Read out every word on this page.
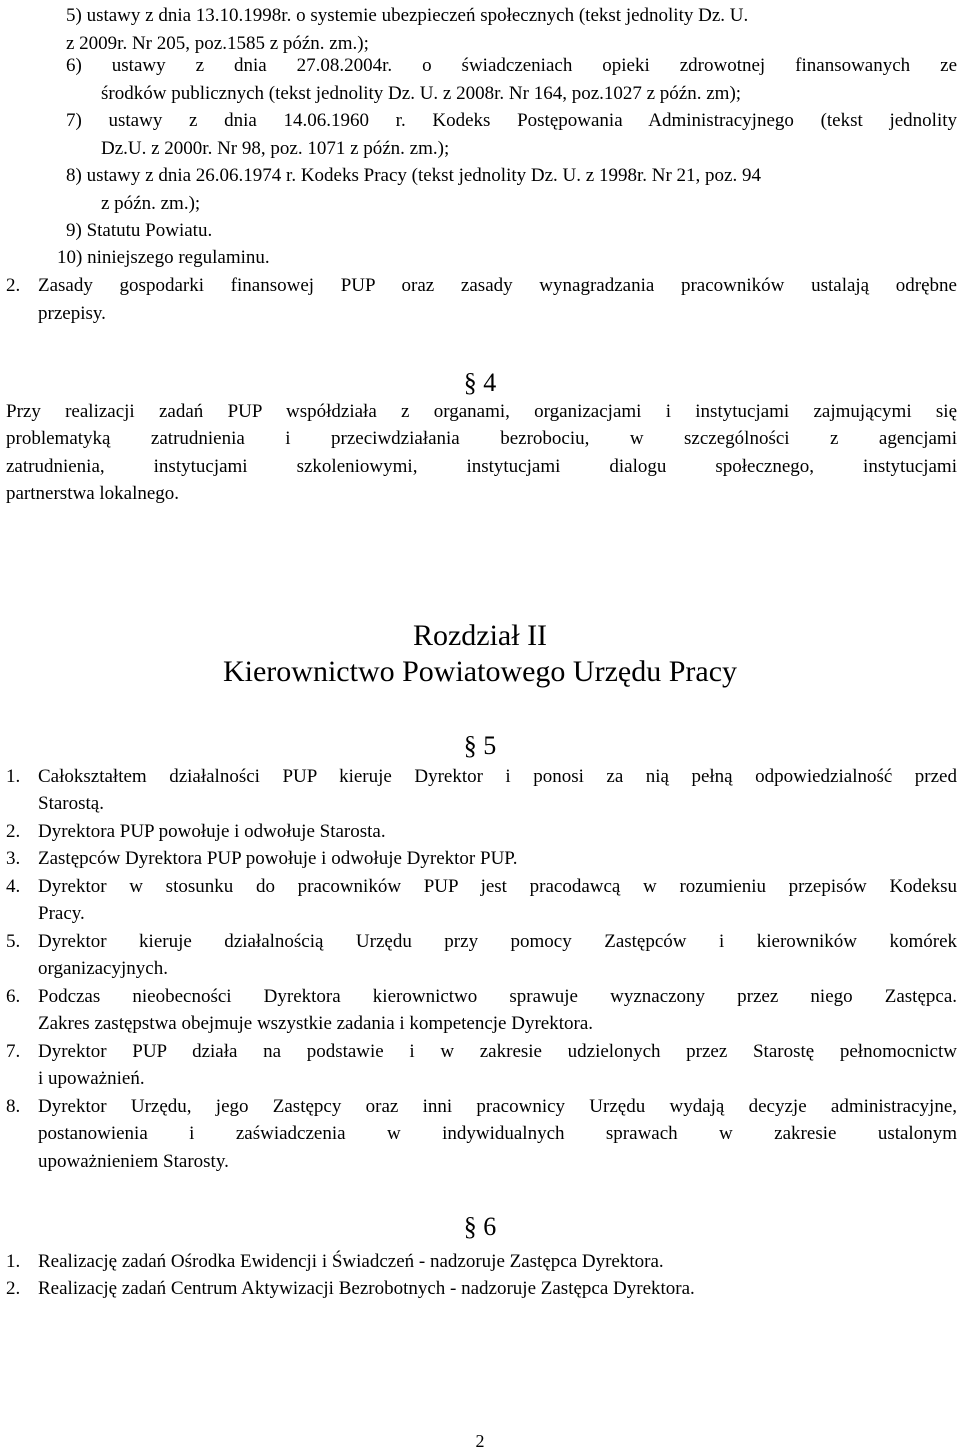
5) ustawy z dnia 13.10.1998r. o systemie ubezpieczeń społecznych (tekst jednolity Dz. U.
z 2009r. Nr 205, poz.1585 z późn. zm.);
6) ustawy z dnia 27.08.2004r. o świadczeniach opieki zdrowotnej finansowanych ze
środków publicznych (tekst jednolity Dz. U. z 2008r. Nr 164, poz.1027 z późn. zm);
7) ustawy z dnia 14.06.1960 r. Kodeks Postępowania Administracyjnego (tekst jednolity
Dz.U. z 2000r. Nr 98, poz. 1071 z późn. zm.);
8) ustawy z dnia 26.06.1974 r. Kodeks Pracy (tekst jednolity Dz. U. z 1998r. Nr 21, poz. 94
z późn. zm.);
9) Statutu Powiatu.
10) niniejszego regulaminu.
2. Zasady gospodarki finansowej PUP oraz zasady wynagradzania pracowników ustalają odrębne
przepisy.
§ 4
Przy realizacji zadań PUP współdziała z organami, organizacjami i instytucjami zajmującymi się
problematyką zatrudnienia i przeciwdziałania bezrobociu, w szczególności z agencjami
zatrudnienia, instytucjami szkoleniowymi, instytucjami dialogu społecznego, instytucjami
partnerstwa lokalnego.
Rozdział II
Kierownictwo Powiatowego Urzędu Pracy
§ 5
1. Całokształtem działalności PUP kieruje Dyrektor i ponosi za nią pełną odpowiedzialność przed
Starostą.
2. Dyrektora PUP powołuje i odwołuje Starosta.
3. Zastępców Dyrektora PUP powołuje i odwołuje Dyrektor PUP.
4. Dyrektor w stosunku do pracowników PUP jest pracodawcą w rozumieniu przepisów Kodeksu
Pracy.
5. Dyrektor kieruje działalnością Urzędu przy pomocy Zastępców i kierowników komórek
organizacyjnych.
6. Podczas nieobecności Dyrektora kierownictwo sprawuje wyznaczony przez niego Zastępca.
Zakres zastępstwa obejmuje wszystkie zadania i kompetencje Dyrektora.
7. Dyrektor PUP działa na podstawie i w zakresie udzielonych przez Starostę pełnomocnictw
i upoważnień.
8. Dyrektor Urzędu, jego Zastępcy oraz inni pracownicy Urzędu wydają decyzje administracyjne,
postanowienia i zaświadczenia w indywidualnych sprawach w zakresie ustalonym
upoważnieniem Starosty.
§ 6
1. Realizację zadań Ośrodka Ewidencji i Świadczeń - nadzoruje Zastępca Dyrektora.
2. Realizację zadań Centrum Aktywizacji Bezrobotnych - nadzoruje Zastępca Dyrektora.
2
